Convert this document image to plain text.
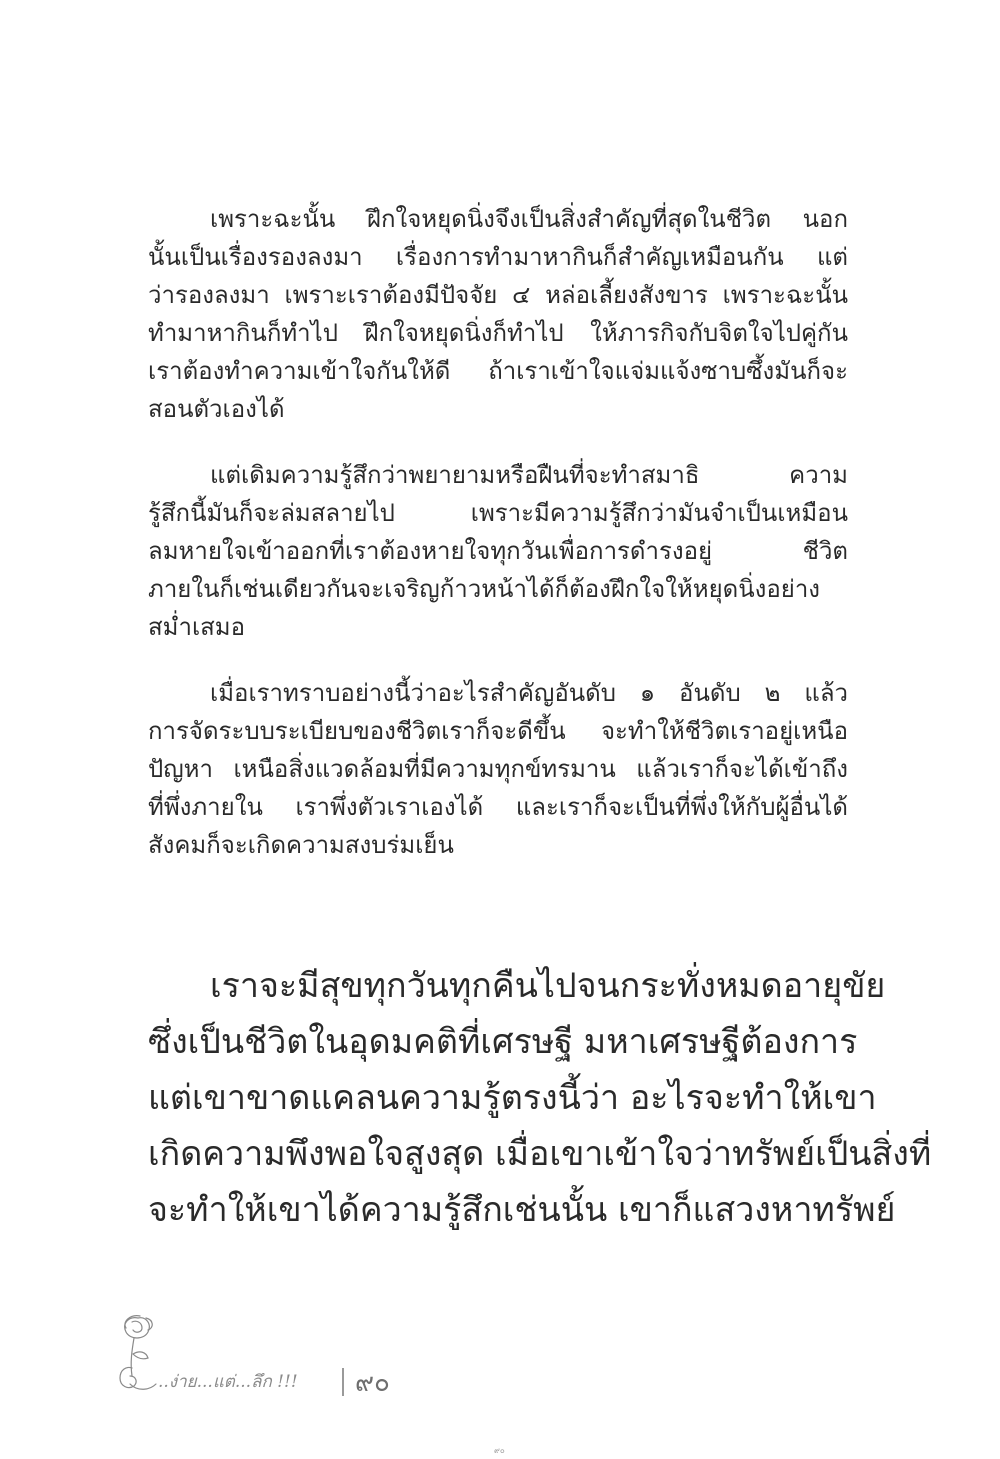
เพราะฉะนั้น ฝึกใจหยุดนิ่งจึงเป็นสิ่งสำคัญที่สุดในชีวิต นอก
นั้นเป็นเรื่องรองลงมา เรื่องการทำมาหากินก็สำคัญเหมือนกัน แต่
ว่ารองลงมา เพราะเราต้องมีปัจจัย ๔ หล่อเลี้ยงสังขาร เพราะฉะนั้น
ทำมาหากินก็ทำไป ฝึกใจหยุดนิ่งก็ทำไป ให้ภารกิจกับจิตใจไปคู่กัน
เราต้องทำความเข้าใจกันให้ดี ถ้าเราเข้าใจแจ่มแจ้งซาบซึ้งมันก็จะ
สอนตัวเองได้
แต่เดิมความรู้สึกว่าพยายามหรือฝืนที่จะทำสมาธิ ความ
รู้สึกนี้มันก็จะล่มสลายไป เพราะมีความรู้สึกว่ามันจำเป็นเหมือน
ลมหายใจเข้าออกที่เราต้องหายใจทุกวันเพื่อการดำรงอยู่ ชีวิต
ภายในก็เช่นเดียวกันจะเจริญก้าวหน้าได้ก็ต้องฝึกใจให้หยุดนิ่งอย่าง
สม่ำเสมอ
เมื่อเราทราบอย่างนี้ว่าอะไรสำคัญอันดับ ๑ อันดับ ๒ แล้ว
การจัดระบบระเบียบของชีวิตเราก็จะดีขึ้น จะทำให้ชีวิตเราอยู่เหนือ
ปัญหา เหนือสิ่งแวดล้อมที่มีความทุกข์ทรมาน แล้วเราก็จะได้เข้าถึง
ที่พึ่งภายใน เราพึ่งตัวเราเองได้ และเราก็จะเป็นที่พึ่งให้กับผู้อื่นได้
สังคมก็จะเกิดความสงบร่มเย็น
เราจะมีสุขทุกวันทุกคืนไปจนกระทั่งหมดอายุขัย
ซึ่งเป็นชีวิตในอุดมคติที่เศรษฐี มหาเศรษฐีต้องการ
แต่เขาขาดแคลนความรู้ตรงนี้ว่า อะไรจะทำให้เขา
เกิดความพึงพอใจสูงสุด เมื่อเขาเข้าใจว่าทรัพย์เป็นสิ่งที่
จะทำให้เขาได้ความรู้สึกเช่นนั้น เขาก็แสวงหาทรัพย์
..ง่าย...แต่...ลึก !!! ๙๐
๙๐
